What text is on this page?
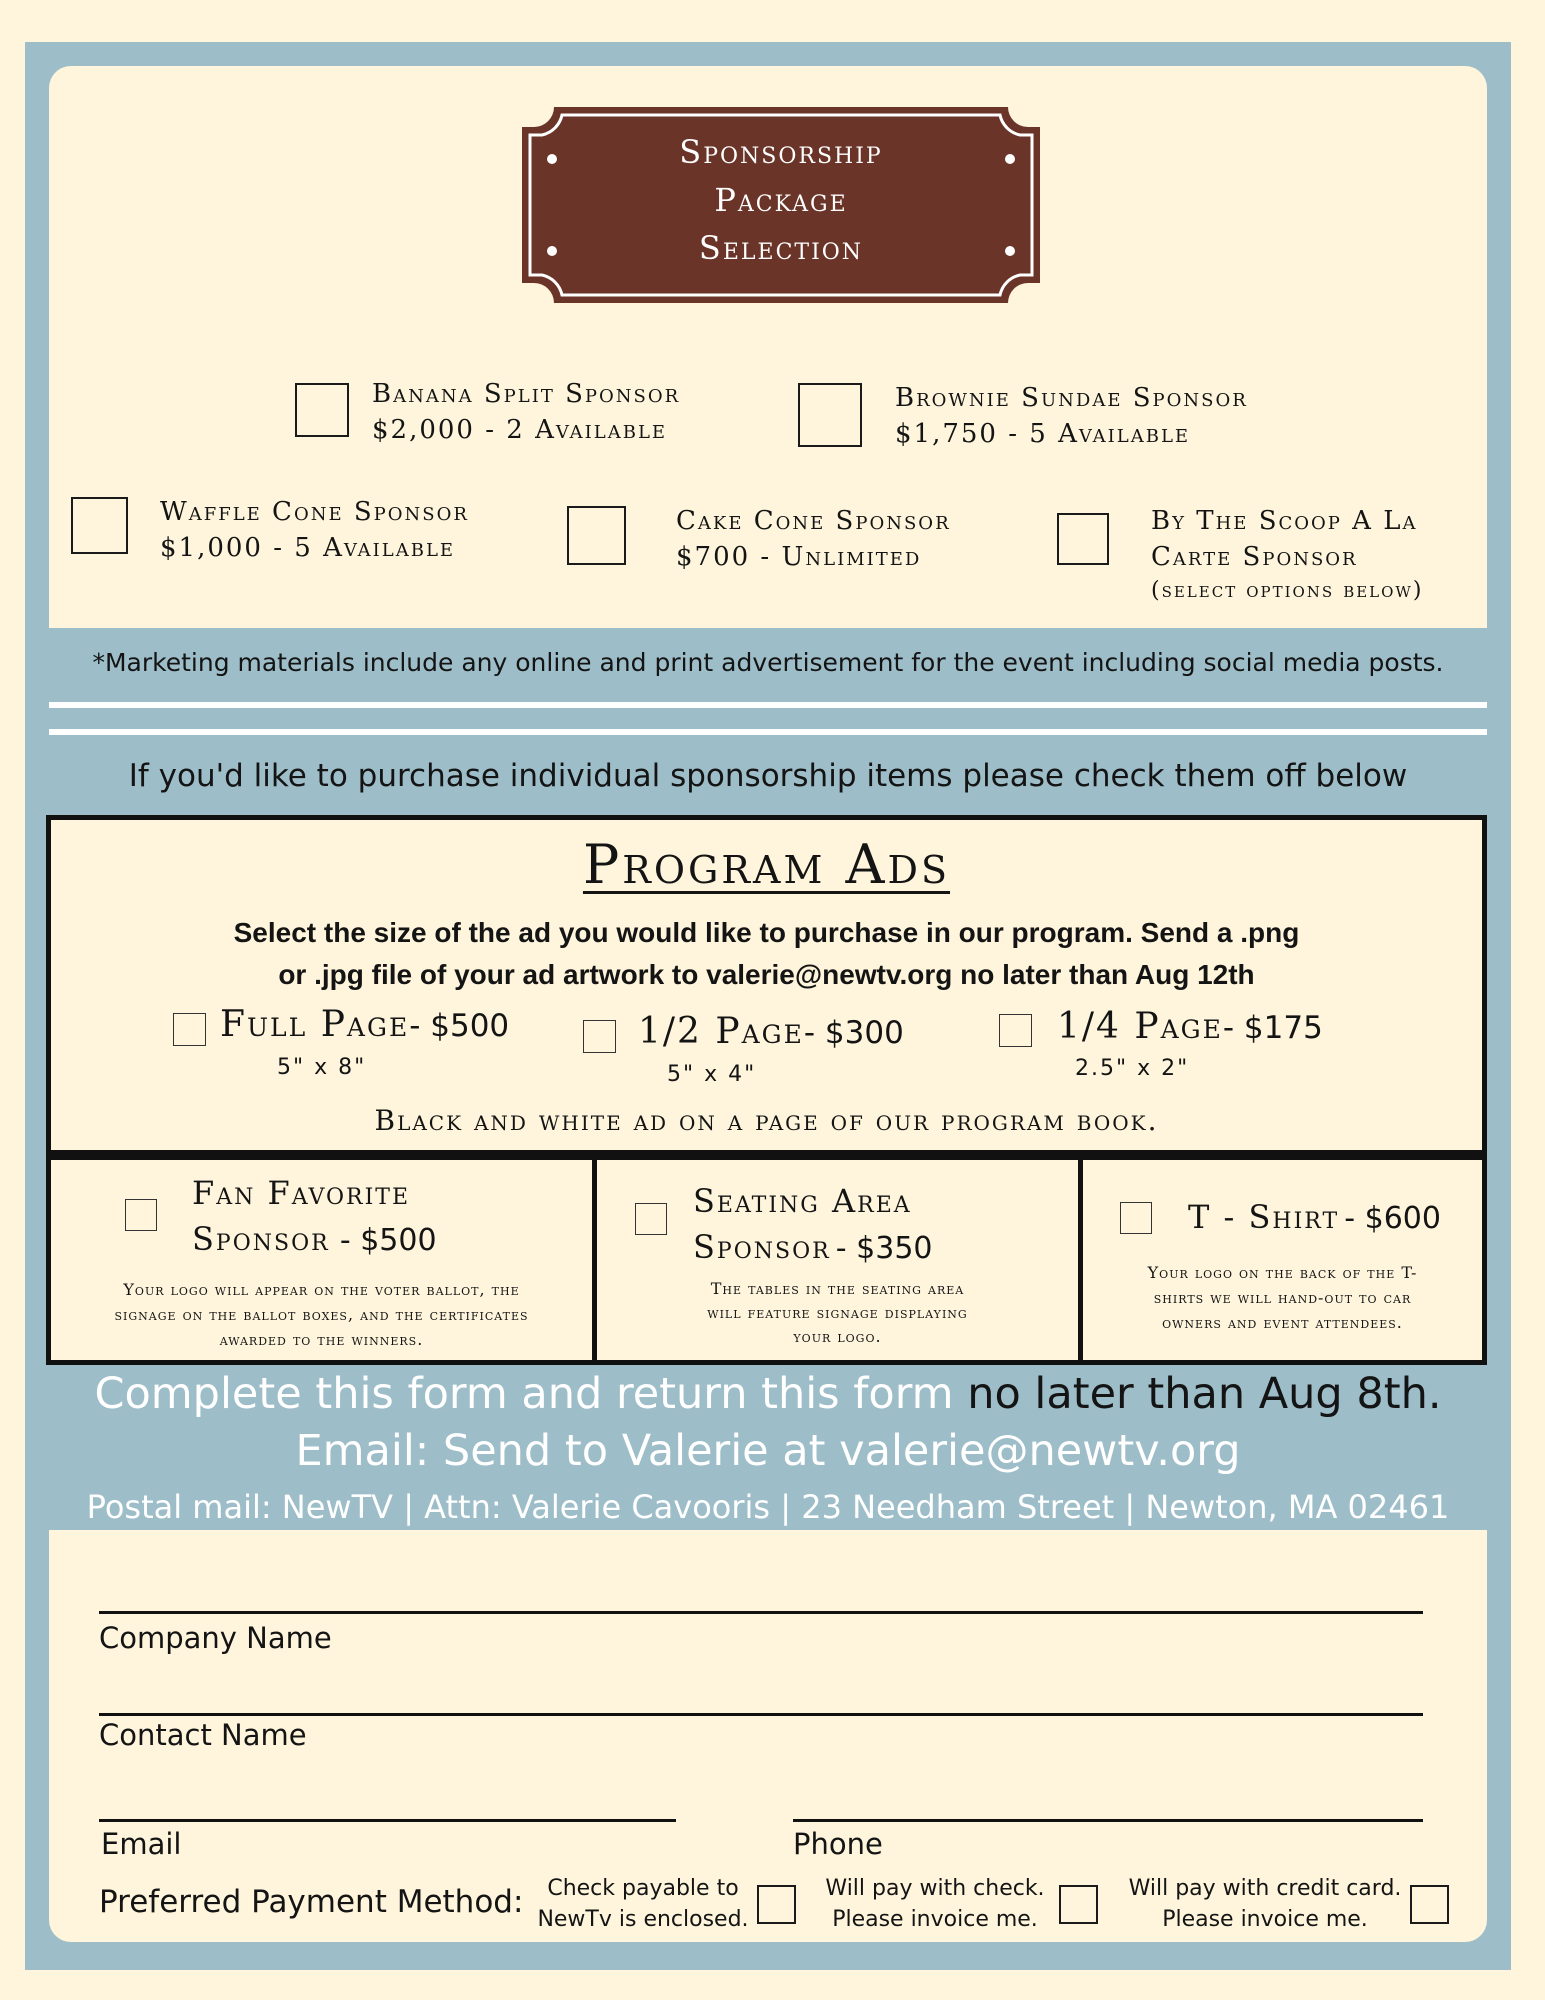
Sponsorship
Package
Selection
Banana Split Sponsor
$2,000 - 2 Available
Brownie Sundae Sponsor
$1,750 - 5 Available
Waffle Cone Sponsor
$1,000 - 5 Available
Cake Cone Sponsor
$700 - Unlimited
By The Scoop A La
Carte Sponsor
(select options below)
*Marketing materials include any online and print advertisement for the event including social media posts.
If you'd like to purchase individual sponsorship items please check them off below
Program Ads
Select the size of the ad you would like to purchase in our program. Send a .png
or .jpg file of your ad artwork to valerie@newtv.org no later than Aug 12th
Full Page- $500
5" x 8"
1/2 Page- $300
5" x 4"
1/4 Page- $175
2.5" x 2"
Black and white ad on a page of our program book.
Fan Favorite
Sponsor - $500
Your logo will appear on the voter ballot, the
signage on the ballot boxes, and the certificates
awarded to the winners.
Seating Area
Sponsor - $350
The tables in the seating area
will feature signage displaying
your logo.
T - Shirt - $600
Your logo on the back of the T-
shirts we will hand-out to car
owners and event attendees.
Complete this form and return this form no later than Aug 8th.
Email: Send to Valerie at valerie@newtv.org
Postal mail: NewTV | Attn: Valerie Cavooris | 23 Needham Street | Newton, MA 02461
Company Name
Contact Name
Email	Phone
Preferred Payment Method:	Check payable to
NewTv is enclosed.
Will pay with check.
Please invoice me.
Will pay with credit card.
Please invoice me.
